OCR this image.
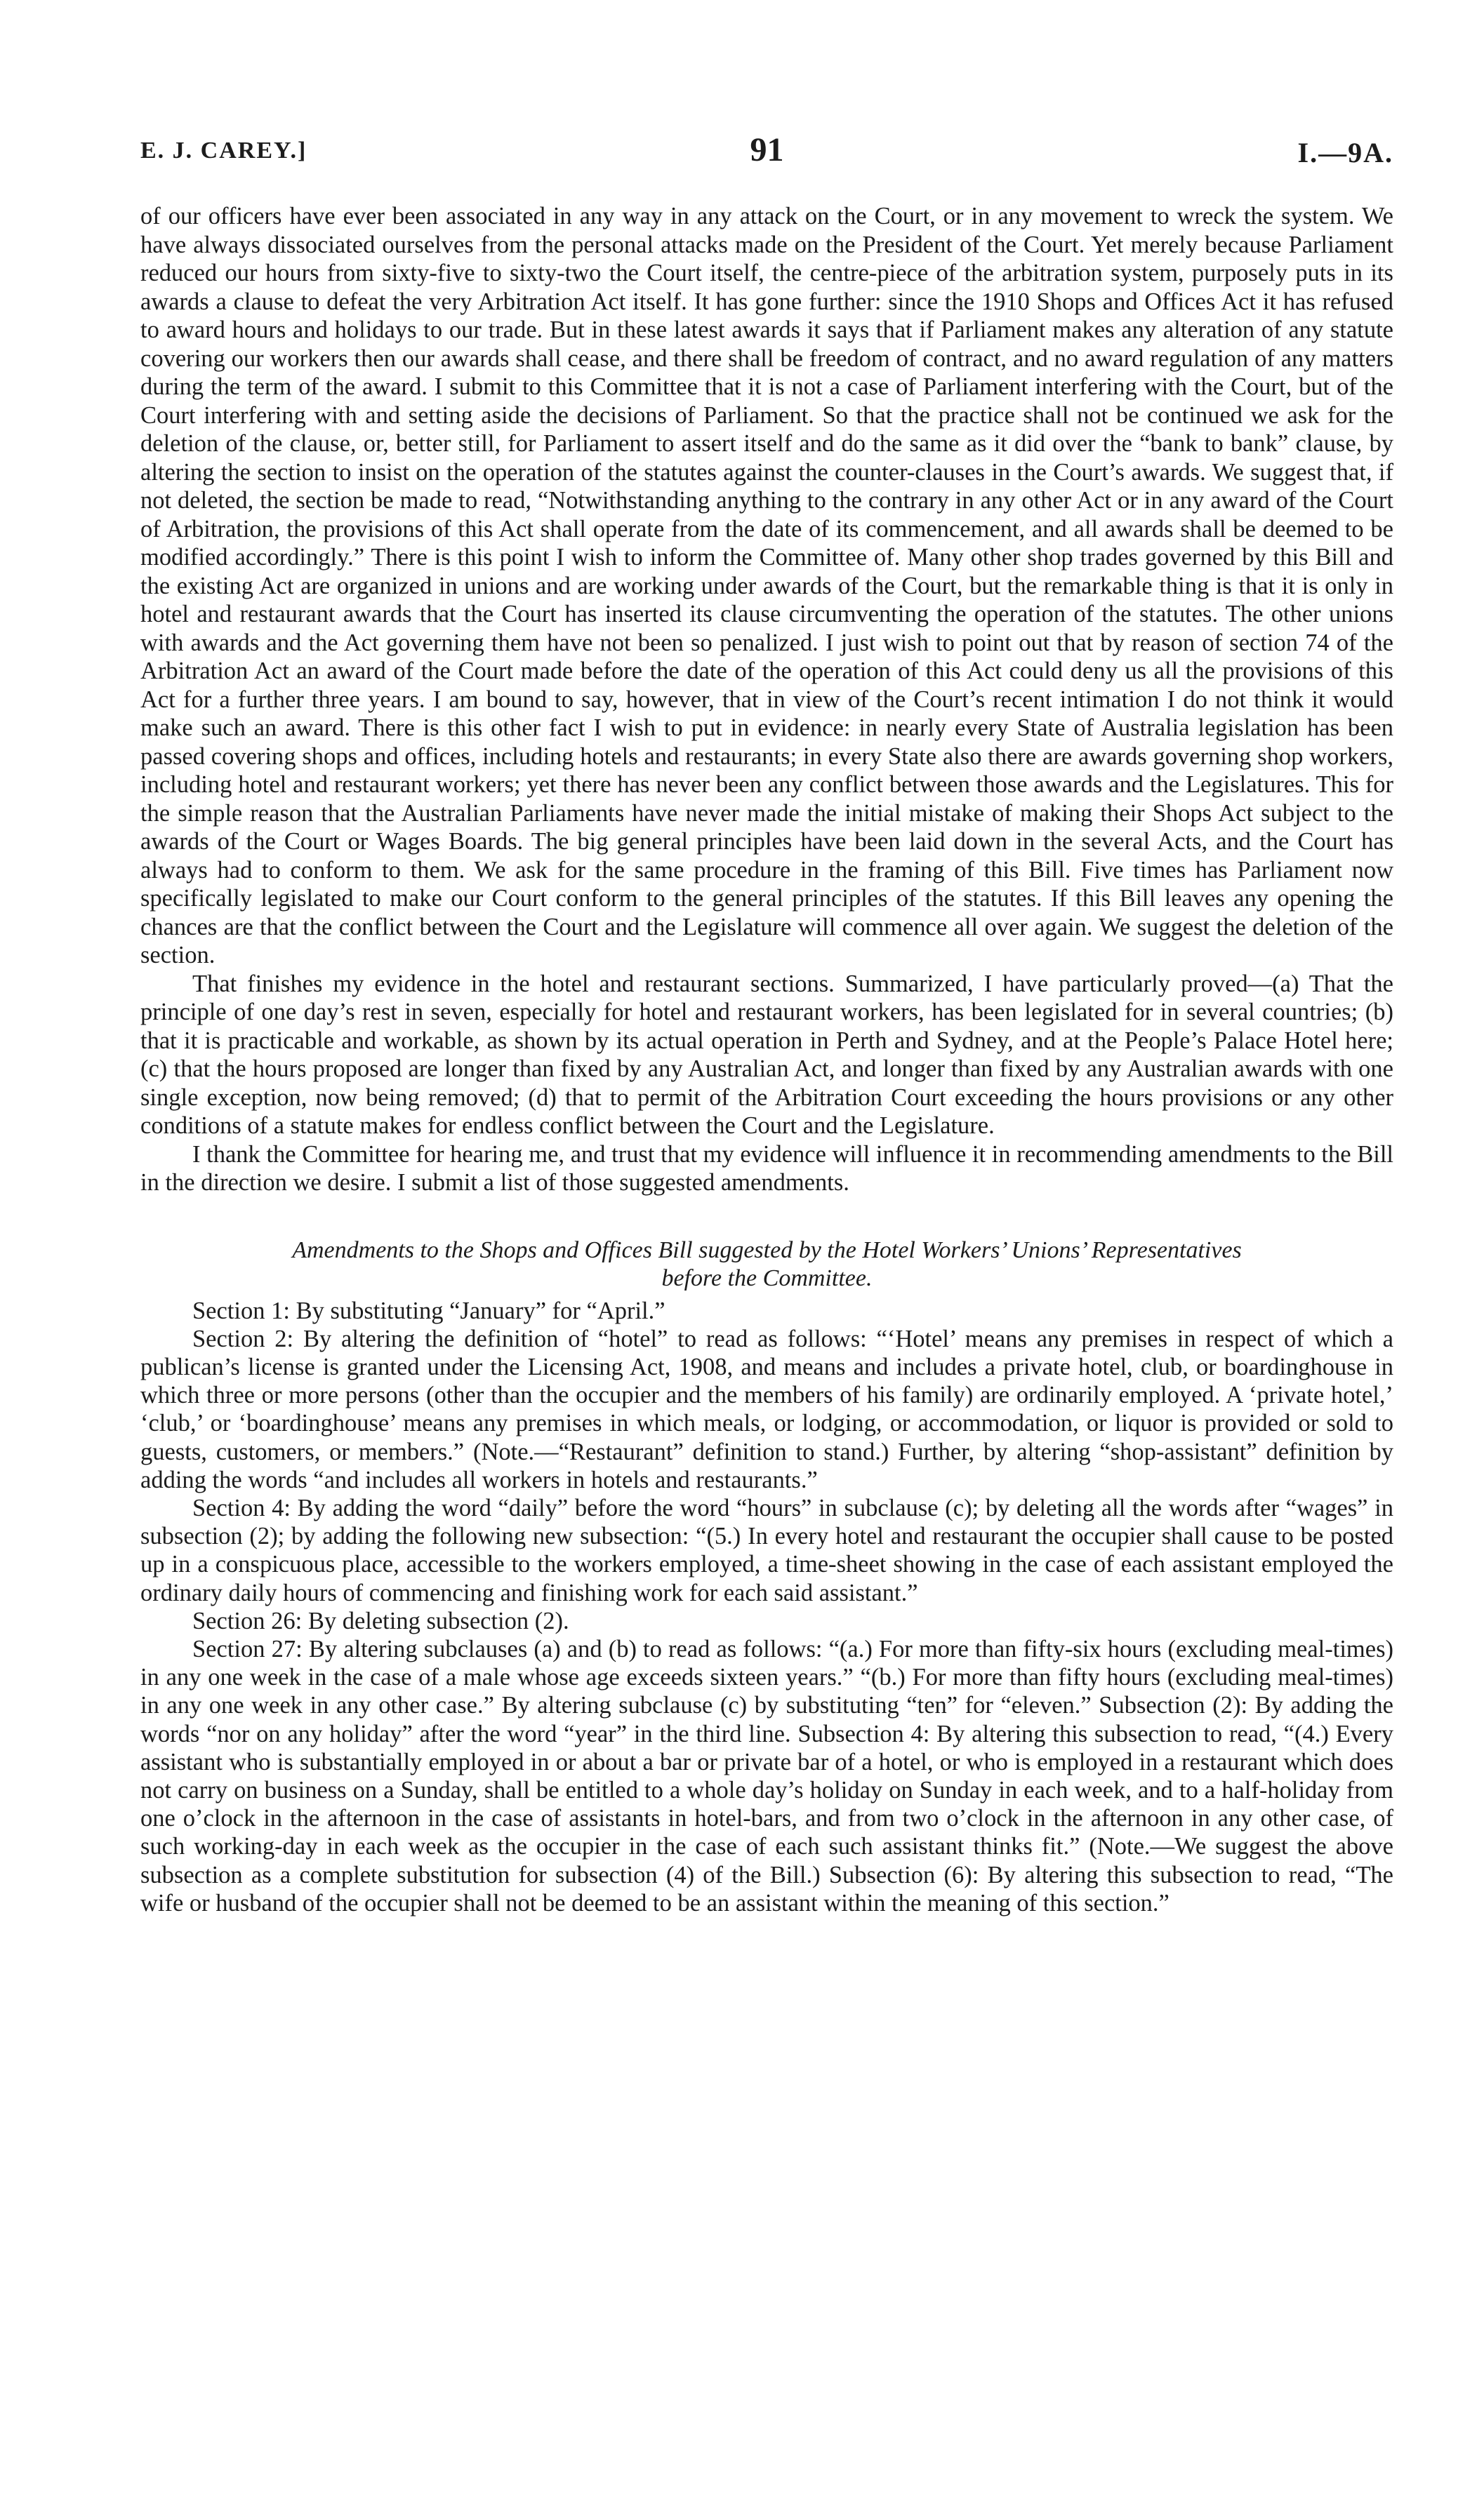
E. J. CAREY.]	91	I.—9A.

of our officers have ever been associated in any way in any attack on the Court, or in any movement to wreck the system. We have always dissociated ourselves from the personal attacks made on the President of the Court. Yet merely because Parliament reduced our hours from sixty-five to sixty-two the Court itself, the centre-piece of the arbitration system, purposely puts in its awards a clause to defeat the very Arbitration Act itself. It has gone further: since the 1910 Shops and Offices Act it has refused to award hours and holidays to our trade. But in these latest awards it says that if Parliament makes any alteration of any statute covering our workers then our awards shall cease, and there shall be freedom of contract, and no award regulation of any matters during the term of the award. I submit to this Committee that it is not a case of Parliament interfering with the Court, but of the Court interfering with and setting aside the decisions of Parliament. So that the practice shall not be continued we ask for the deletion of the clause, or, better still, for Parliament to assert itself and do the same as it did over the “bank to bank” clause, by altering the section to insist on the operation of the statutes against the counter-clauses in the Court’s awards. We suggest that, if not deleted, the section be made to read, “Notwithstanding anything to the contrary in any other Act or in any award of the Court of Arbitration, the provisions of this Act shall operate from the date of its commencement, and all awards shall be deemed to be modified accordingly.” There is this point I wish to inform the Committee of. Many other shop trades governed by this Bill and the existing Act are organized in unions and are working under awards of the Court, but the remarkable thing is that it is only in hotel and restaurant awards that the Court has inserted its clause circumventing the operation of the statutes. The other unions with awards and the Act governing them have not been so penalized. I just wish to point out that by reason of section 74 of the Arbitration Act an award of the Court made before the date of the operation of this Act could deny us all the provisions of this Act for a further three years. I am bound to say, however, that in view of the Court’s recent intimation I do not think it would make such an award. There is this other fact I wish to put in evidence: in nearly every State of Australia legislation has been passed covering shops and offices, including hotels and restaurants; in every State also there are awards governing shop workers, including hotel and restaurant workers; yet there has never been any conflict between those awards and the Legislatures. This for the simple reason that the Australian Parliaments have never made the initial mistake of making their Shops Act subject to the awards of the Court or Wages Boards. The big general principles have been laid down in the several Acts, and the Court has always had to conform to them. We ask for the same procedure in the framing of this Bill. Five times has Parliament now specifically legislated to make our Court conform to the general principles of the statutes. If this Bill leaves any opening the chances are that the conflict between the Court and the Legislature will commence all over again. We suggest the deletion of the section.

That finishes my evidence in the hotel and restaurant sections. Summarized, I have particularly proved—(a) That the principle of one day’s rest in seven, especially for hotel and restaurant workers, has been legislated for in several countries; (b) that it is practicable and workable, as shown by its actual operation in Perth and Sydney, and at the People’s Palace Hotel here; (c) that the hours proposed are longer than fixed by any Australian Act, and longer than fixed by any Australian awards with one single exception, now being removed; (d) that to permit of the Arbitration Court exceeding the hours provisions or any other conditions of a statute makes for endless conflict between the Court and the Legislature.

I thank the Committee for hearing me, and trust that my evidence will influence it in recommending amendments to the Bill in the direction we desire. I submit a list of those suggested amendments.

Amendments to the Shops and Offices Bill suggested by the Hotel Workers’ Unions’ Representatives
before the Committee.

Section 1: By substituting “January” for “April.”

Section 2: By altering the definition of “hotel” to read as follows: “‘Hotel’ means any premises in respect of which a publican’s license is granted under the Licensing Act, 1908, and means and includes a private hotel, club, or boardinghouse in which three or more persons (other than the occupier and the members of his family) are ordinarily employed. A ‘private hotel,’ ‘club,’ or ‘boardinghouse’ means any premises in which meals, or lodging, or accommodation, or liquor is provided or sold to guests, customers, or members.” (Note.—“Restaurant” definition to stand.) Further, by altering “shop-assistant” definition by adding the words “and includes all workers in hotels and restaurants.”

Section 4: By adding the word “daily” before the word “hours” in subclause (c); by deleting all the words after “wages” in subsection (2); by adding the following new subsection: “(5.) In every hotel and restaurant the occupier shall cause to be posted up in a conspicuous place, accessible to the workers employed, a time-sheet showing in the case of each assistant employed the ordinary daily hours of commencing and finishing work for each said assistant.”

Section 26: By deleting subsection (2).

Section 27: By altering subclauses (a) and (b) to read as follows: “(a.) For more than fifty-six hours (excluding meal-times) in any one week in the case of a male whose age exceeds sixteen years.” “(b.) For more than fifty hours (excluding meal-times) in any one week in any other case.” By altering subclause (c) by substituting “ten” for “eleven.” Subsection (2): By adding the words “nor on any holiday” after the word “year” in the third line. Subsection 4: By altering this subsection to read, “(4.) Every assistant who is substantially employed in or about a bar or private bar of a hotel, or who is employed in a restaurant which does not carry on business on a Sunday, shall be entitled to a whole day’s holiday on Sunday in each week, and to a half-holiday from one o’clock in the afternoon in the case of assistants in hotel-bars, and from two o’clock in the afternoon in any other case, of such working-day in each week as the occupier in the case of each such assistant thinks fit.” (Note.—We suggest the above subsection as a complete substitution for subsection (4) of the Bill.) Subsection (6): By altering this subsection to read, “The wife or husband of the occupier shall not be deemed to be an assistant within the meaning of this section.”
